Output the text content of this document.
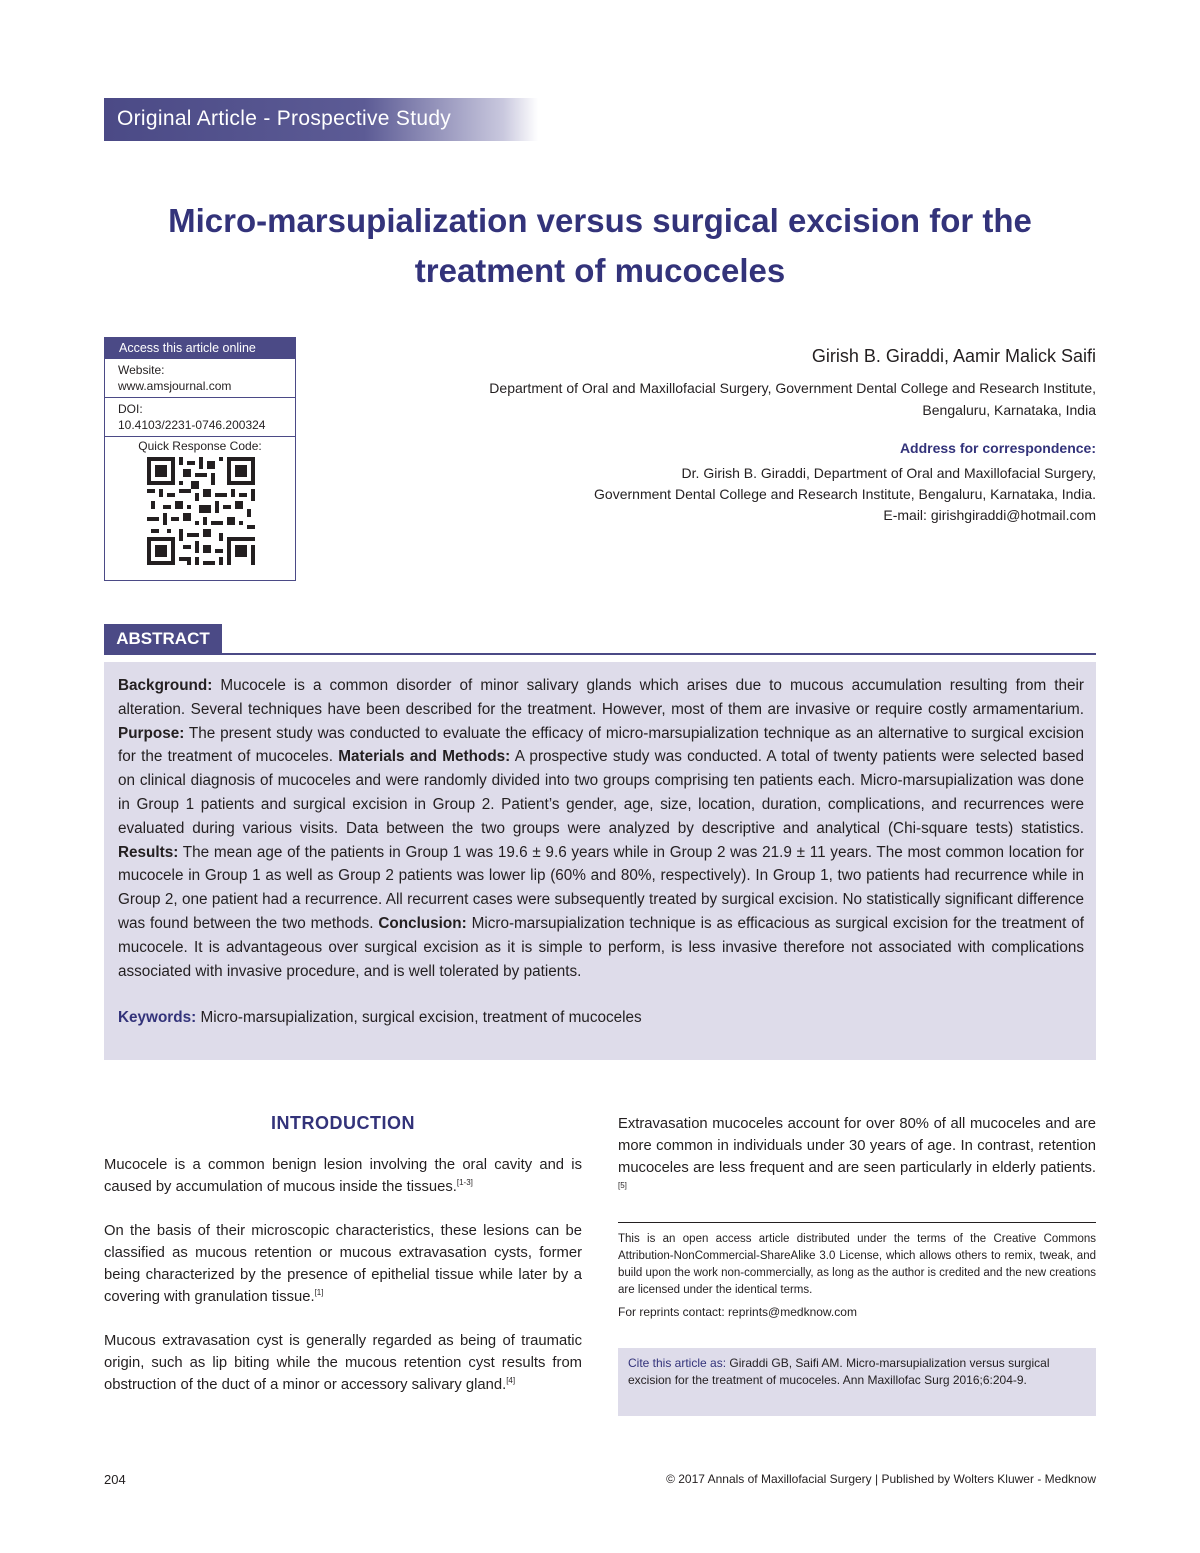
Original Article - Prospective Study
Micro-marsupialization versus surgical excision for the treatment of mucoceles
Access this article online
Website:
www.amsjournal.com
DOI:
10.4103/2231-0746.200324
Quick Response Code:
Girish B. Giraddi, Aamir Malick Saifi
Department of Oral and Maxillofacial Surgery, Government Dental College and Research Institute,
Bengaluru, Karnataka, India
Address for correspondence:
Dr. Girish B. Giraddi, Department of Oral and Maxillofacial Surgery,
Government Dental College and Research Institute, Bengaluru, Karnataka, India.
E-mail: girishgiraddi@hotmail.com
ABSTRACT
Background: Mucocele is a common disorder of minor salivary glands which arises due to mucous accumulation resulting from their alteration. Several techniques have been described for the treatment. However, most of them are invasive or require costly armamentarium. Purpose: The present study was conducted to evaluate the efficacy of micro-marsupialization technique as an alternative to surgical excision for the treatment of mucoceles. Materials and Methods: A prospective study was conducted. A total of twenty patients were selected based on clinical diagnosis of mucoceles and were randomly divided into two groups comprising ten patients each. Micro-marsupialization was done in Group 1 patients and surgical excision in Group 2. Patient’s gender, age, size, location, duration, complications, and recurrences were evaluated during various visits. Data between the two groups were analyzed by descriptive and analytical (Chi-square tests) statistics. Results: The mean age of the patients in Group 1 was 19.6 ± 9.6 years while in Group 2 was 21.9 ± 11 years. The most common location for mucocele in Group 1 as well as Group 2 patients was lower lip (60% and 80%, respectively). In Group 1, two patients had recurrence while in Group 2, one patient had a recurrence. All recurrent cases were subsequently treated by surgical excision. No statistically significant difference was found between the two methods. Conclusion: Micro-marsupialization technique is as efficacious as surgical excision for the treatment of mucocele. It is advantageous over surgical excision as it is simple to perform, is less invasive therefore not associated with complications associated with invasive procedure, and is well tolerated by patients.
Keywords: Micro-marsupialization, surgical excision, treatment of mucoceles
INTRODUCTION
Mucocele is a common benign lesion involving the oral cavity and is caused by accumulation of mucous inside the tissues.[1-3]
On the basis of their microscopic characteristics, these lesions can be classified as mucous retention or mucous extravasation cysts, former being characterized by the presence of epithelial tissue while later by a covering with granulation tissue.[1]
Mucous extravasation cyst is generally regarded as being of traumatic origin, such as lip biting while the mucous retention cyst results from obstruction of the duct of a minor or accessory salivary gland.[4]
Extravasation mucoceles account for over 80% of all mucoceles and are more common in individuals under 30 years of age. In contrast, retention mucoceles are less frequent and are seen particularly in elderly patients.[5]
This is an open access article distributed under the terms of the Creative Commons Attribution-NonCommercial-ShareAlike 3.0 License, which allows others to remix, tweak, and build upon the work non-commercially, as long as the author is credited and the new creations are licensed under the identical terms.
For reprints contact: reprints@medknow.com
Cite this article as: Giraddi GB, Saifi AM. Micro-marsupialization versus surgical excision for the treatment of mucoceles. Ann Maxillofac Surg 2016;6:204-9.
204	© 2017 Annals of Maxillofacial Surgery | Published by Wolters Kluwer - Medknow
